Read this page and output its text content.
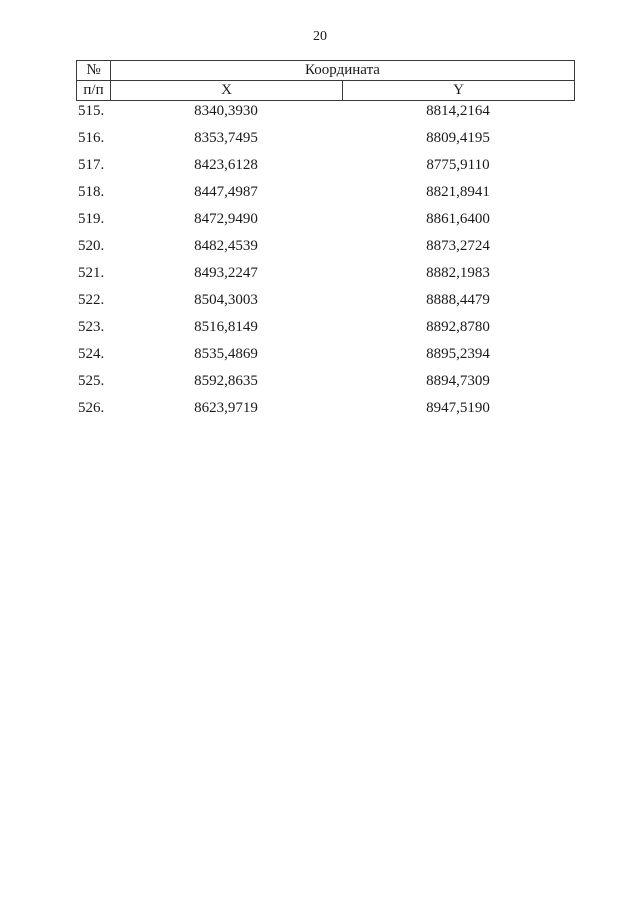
20
№	Координата	
п/п	X	Y
515.	8340,3930	8814,2164
516.	8353,7495	8809,4195
517.	8423,6128	8775,9110
518.	8447,4987	8821,8941
519.	8472,9490	8861,6400
520.	8482,4539	8873,2724
521.	8493,2247	8882,1983
522.	8504,3003	8888,4479
523.	8516,8149	8892,8780
524.	8535,4869	8895,2394
525.	8592,8635	8894,7309
526.	8623,9719	8947,5190
